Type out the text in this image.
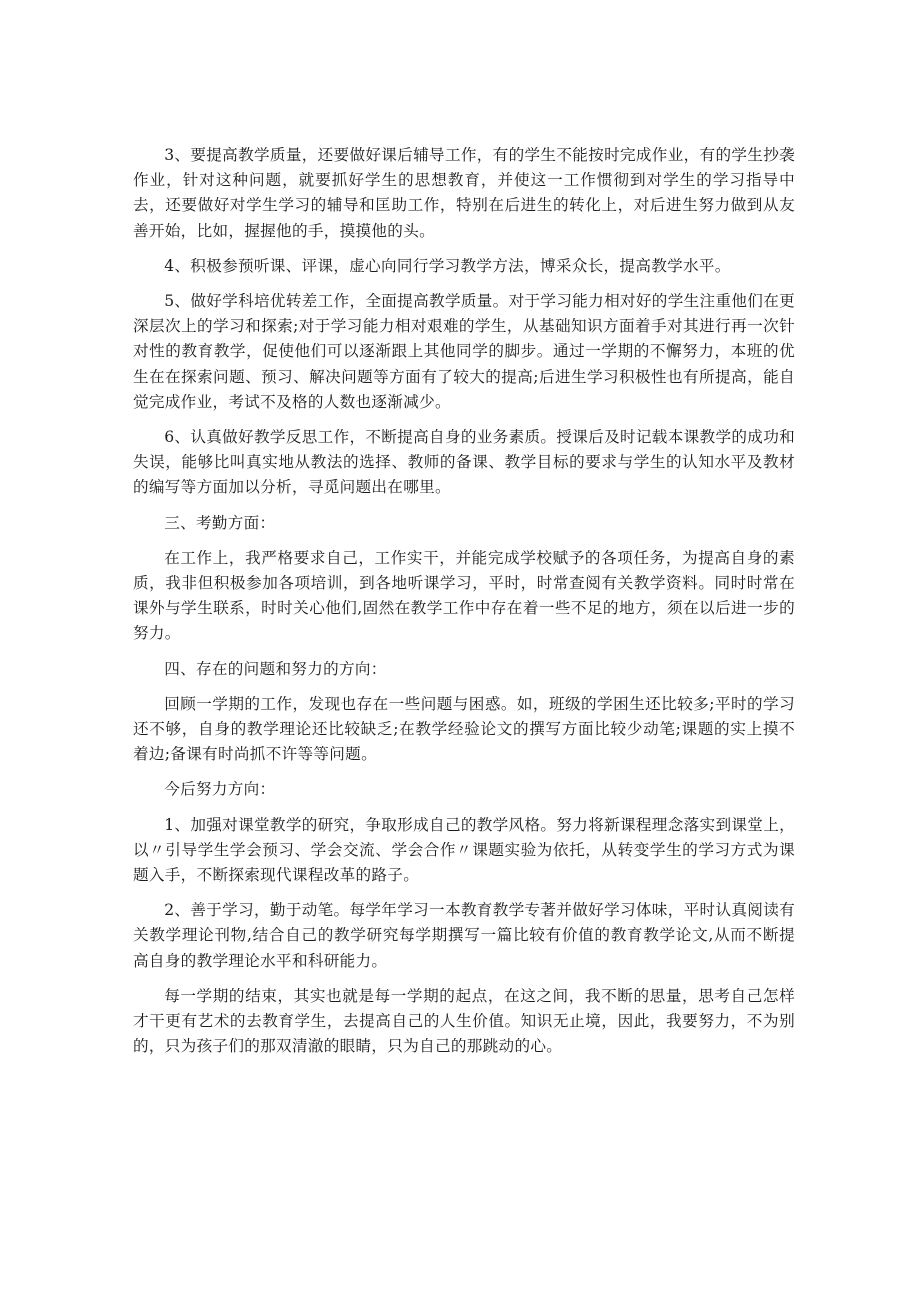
3、要提高教学质量，还要做好课后辅导工作，有的学生不能按时完成作业，有的学生抄袭作业，针对这种问题，就要抓好学生的思想教育，并使这一工作惯彻到对学生的学习指导中去，还要做好对学生学习的辅导和匡助工作，特别在后进生的转化上，对后进生努力做到从友善开始，比如，握握他的手，摸摸他的头。

4、积极参预听课、评课，虚心向同行学习教学方法，博采众长，提高教学水平。

5、做好学科培优转差工作，全面提高教学质量。对于学习能力相对好的学生注重他们在更深层次上的学习和探索;对于学习能力相对艰难的学生，从基础知识方面着手对其进行再一次针对性的教育教学，促使他们可以逐渐跟上其他同学的脚步。通过一学期的不懈努力，本班的优生在在探索问题、预习、解决问题等方面有了较大的提高;后进生学习积极性也有所提高，能自觉完成作业，考试不及格的人数也逐渐减少。

6、认真做好教学反思工作，不断提高自身的业务素质。授课后及时记载本课教学的成功和失误，能够比叫真实地从教法的选择、教师的备课、教学目标的要求与学生的认知水平及教材的编写等方面加以分析，寻觅问题出在哪里。

三、考勤方面：

在工作上，我严格要求自己，工作实干，并能完成学校赋予的各项任务，为提高自身的素质，我非但积极参加各项培训，到各地听课学习，平时，时常查阅有关教学资料。同时时常在课外与学生联系，时时关心他们,固然在教学工作中存在着一些不足的地方，须在以后进一步的努力。

四、存在的问题和努力的方向：

回顾一学期的工作，发现也存在一些问题与困惑。如，班级的学困生还比较多;平时的学习还不够，自身的教学理论还比较缺乏;在教学经验论文的撰写方面比较少动笔;课题的实上摸不着边;备课有时尚抓不许等等问题。

今后努力方向：

1、加强对课堂教学的研究，争取形成自己的教学风格。努力将新课程理念落实到课堂上，以〃引导学生学会预习、学会交流、学会合作〃课题实验为依托，从转变学生的学习方式为课题入手，不断探索现代课程改革的路子。

2、善于学习，勤于动笔。每学年学习一本教育教学专著并做好学习体味，平时认真阅读有关教学理论刊物,结合自己的教学研究每学期撰写一篇比较有价值的教育教学论文,从而不断提高自身的教学理论水平和科研能力。

每一学期的结束，其实也就是每一学期的起点，在这之间，我不断的思量，思考自己怎样才干更有艺术的去教育学生，去提高自己的人生价值。知识无止境，因此，我要努力，不为别的，只为孩子们的那双清澈的眼睛，只为自己的那跳动的心。
